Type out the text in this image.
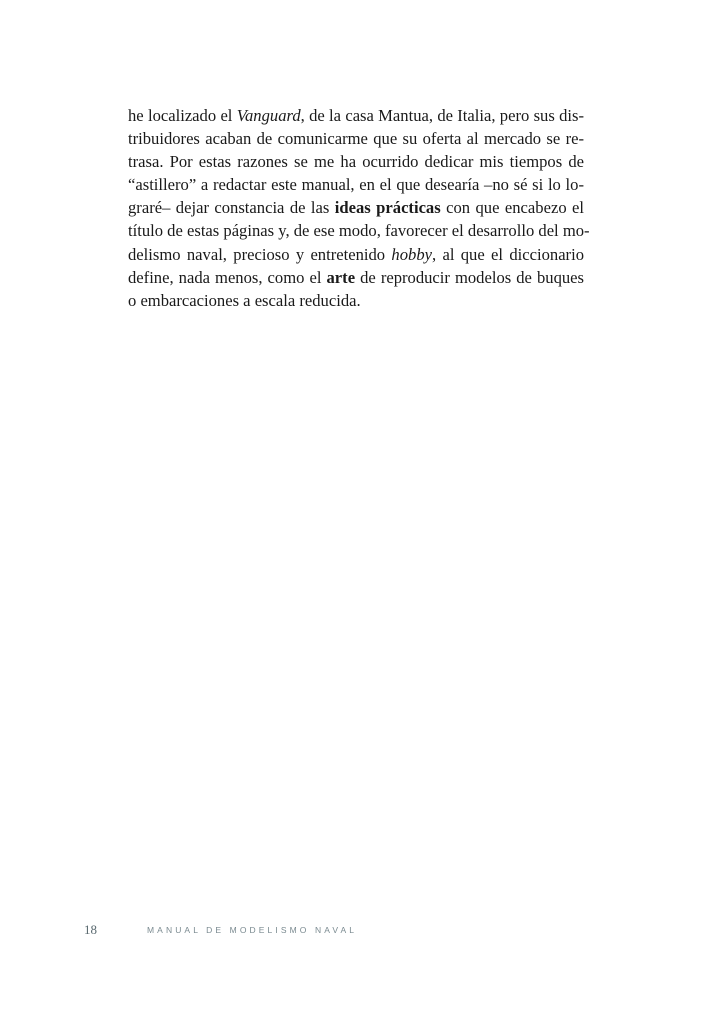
he localizado el Vanguard, de la casa Mantua, de Italia, pero sus dis-
tribuidores acaban de comunicarme que su oferta al mercado se re-
trasa. Por estas razones se me ha ocurrido dedicar mis tiempos de
“astillero” a redactar este manual, en el que desearía –no sé si lo lo-
graré– dejar constancia de las ideas prácticas con que encabezo el
título de estas páginas y, de ese modo, favorecer el desarrollo del mo-
delismo naval, precioso y entretenido hobby, al que el diccionario
define, nada menos, como el arte de reproducir modelos de buques
o embarcaciones a escala reducida.

18	MANUAL DE MODELISMO NAVAL
